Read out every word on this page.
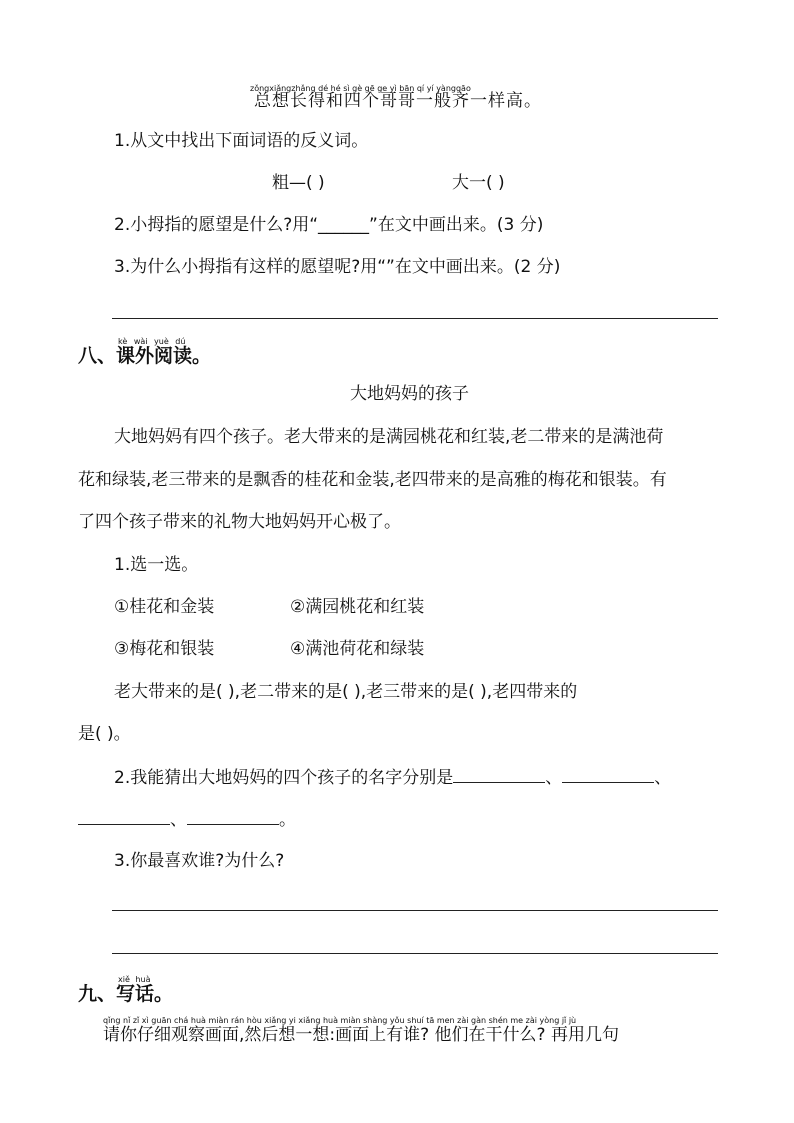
zǒngxiǎngzhǎng dé hé sì gè gē ge yì bān qí yí yànggāo
总想长得和四个哥哥一般齐一样高。
1.从文中找出下面词语的反义词。
粗—( )	大一( )
2.小拇指的愿望是什么?用“______”在文中画出来。(3 分)
3.为什么小拇指有这样的愿望呢?用“”在文中画出来。(2 分)
kè wài yuè dú
八、课外阅读。
大地妈妈的孩子
大地妈妈有四个孩子。老大带来的是满园桃花和红装,老二带来的是满池荷
花和绿装,老三带来的是飘香的桂花和金装,老四带来的是高雅的梅花和银装。有
了四个孩子带来的礼物大地妈妈开心极了。
1.选一选。
①桂花和金装	②满园桃花和红装
③梅花和银装	④满池荷花和绿装
老大带来的是( ),老二带来的是( ),老三带来的是( ),老四带来的
是( )。
2.我能猜出大地妈妈的四个孩子的名字分别是	、	、
、	。
3.你最喜欢谁?为什么?
xiě huà
九、写话。
qǐng nǐ zǐ xì guān chá huà miàn rán hòu xiǎng yi xiǎng huà miàn shàng yǒu shuí tā men zài gàn shén me zài yòng jǐ jù
请你仔细观察画面,然后想一想:画面上有谁? 他们在干什么? 再用几句
